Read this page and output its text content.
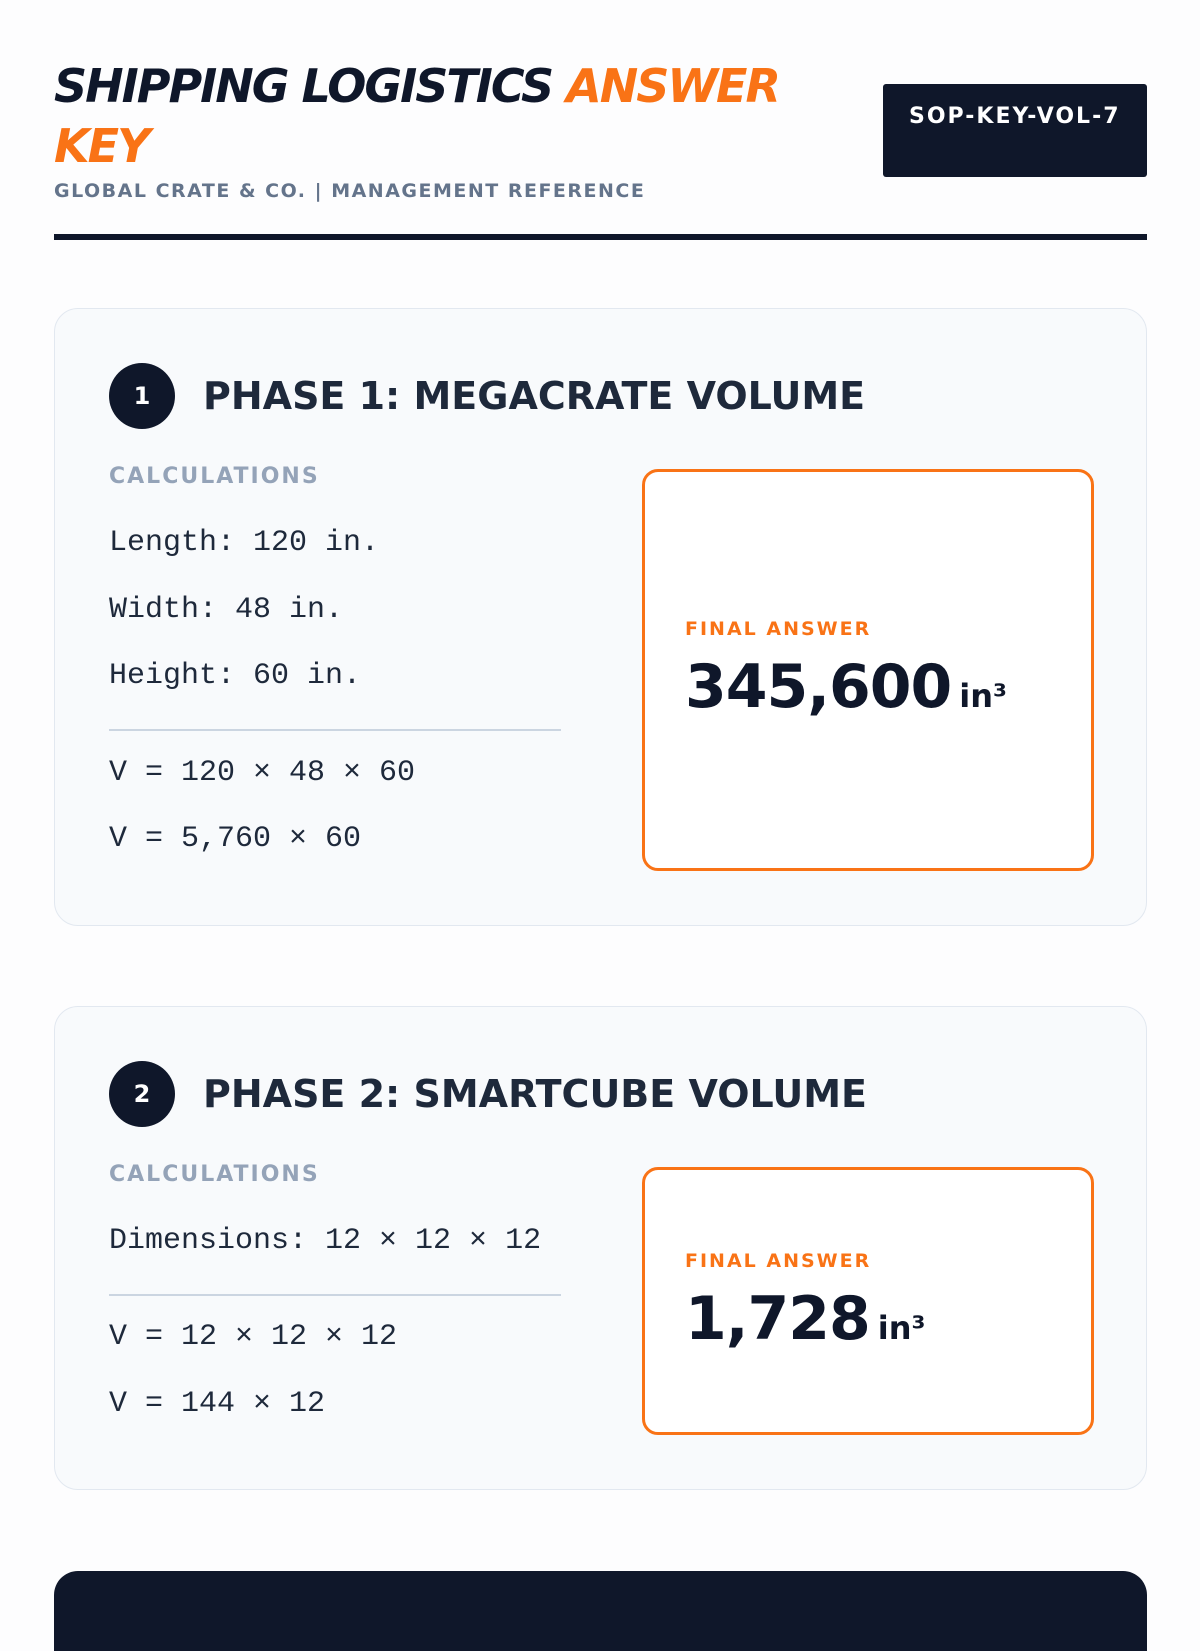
SHIPPING LOGISTICS ANSWER KEY
GLOBAL CRATE & CO. | MANAGEMENT REFERENCE
SOP-KEY-VOL-7
1	PHASE 1: MEGACRATE VOLUME
CALCULATIONS
Length: 120 in.
Width: 48 in.
Height: 60 in.
V = 120 × 48 × 60
V = 5,760 × 60
FINAL ANSWER
345,600 in³
2	PHASE 2: SMARTCUBE VOLUME
CALCULATIONS
Dimensions: 12 × 12 × 12
V = 12 × 12 × 12
V = 144 × 12
FINAL ANSWER
1,728 in³
